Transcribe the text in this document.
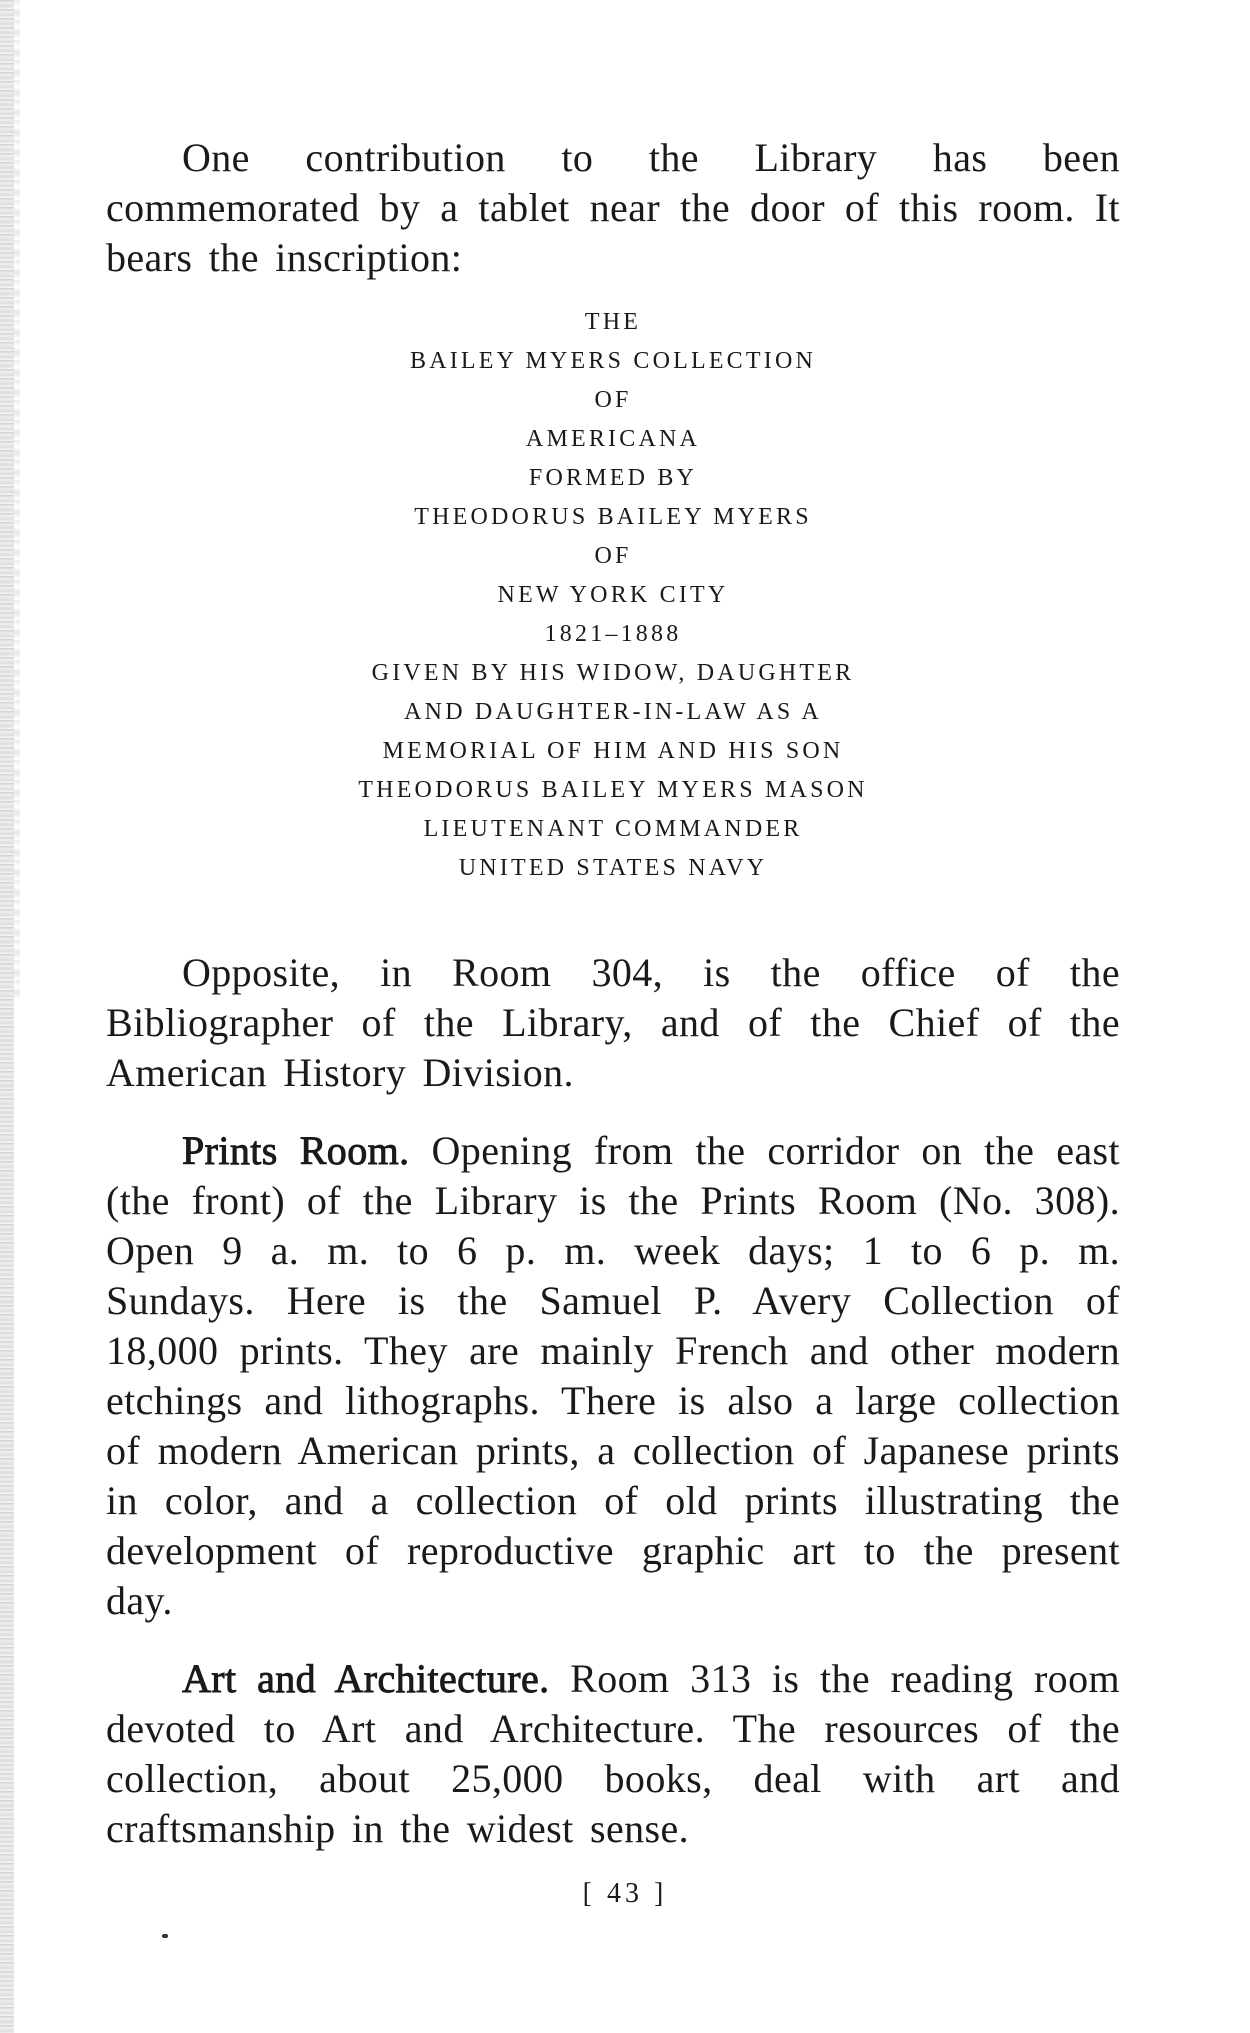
One contribution to the Library has been commemorated by a tablet near the door of this room. It bears the inscription:

THE
BAILEY MYERS COLLECTION
OF
AMERICANA
FORMED BY
THEODORUS BAILEY MYERS
OF
NEW YORK CITY
1821–1888
GIVEN BY HIS WIDOW, DAUGHTER
AND DAUGHTER-IN-LAW AS A
MEMORIAL OF HIM AND HIS SON
THEODORUS BAILEY MYERS MASON
LIEUTENANT COMMANDER
UNITED STATES NAVY

Opposite, in Room 304, is the office of the Bibliographer of the Library, and of the Chief of the American History Division.

Prints Room. Opening from the corridor on the east (the front) of the Library is the Prints Room (No. 308). Open 9 a. m. to 6 p. m. week days; 1 to 6 p. m. Sundays. Here is the Samuel P. Avery Collection of 18,000 prints. They are mainly French and other modern etchings and lithographs. There is also a large collection of modern American prints, a collection of Japanese prints in color, and a collection of old prints illustrating the development of reproductive graphic art to the present day.

Art and Architecture. Room 313 is the reading room devoted to Art and Architecture. The resources of the collection, about 25,000 books, deal with art and craftsmanship in the widest sense.

[ 43 ]
